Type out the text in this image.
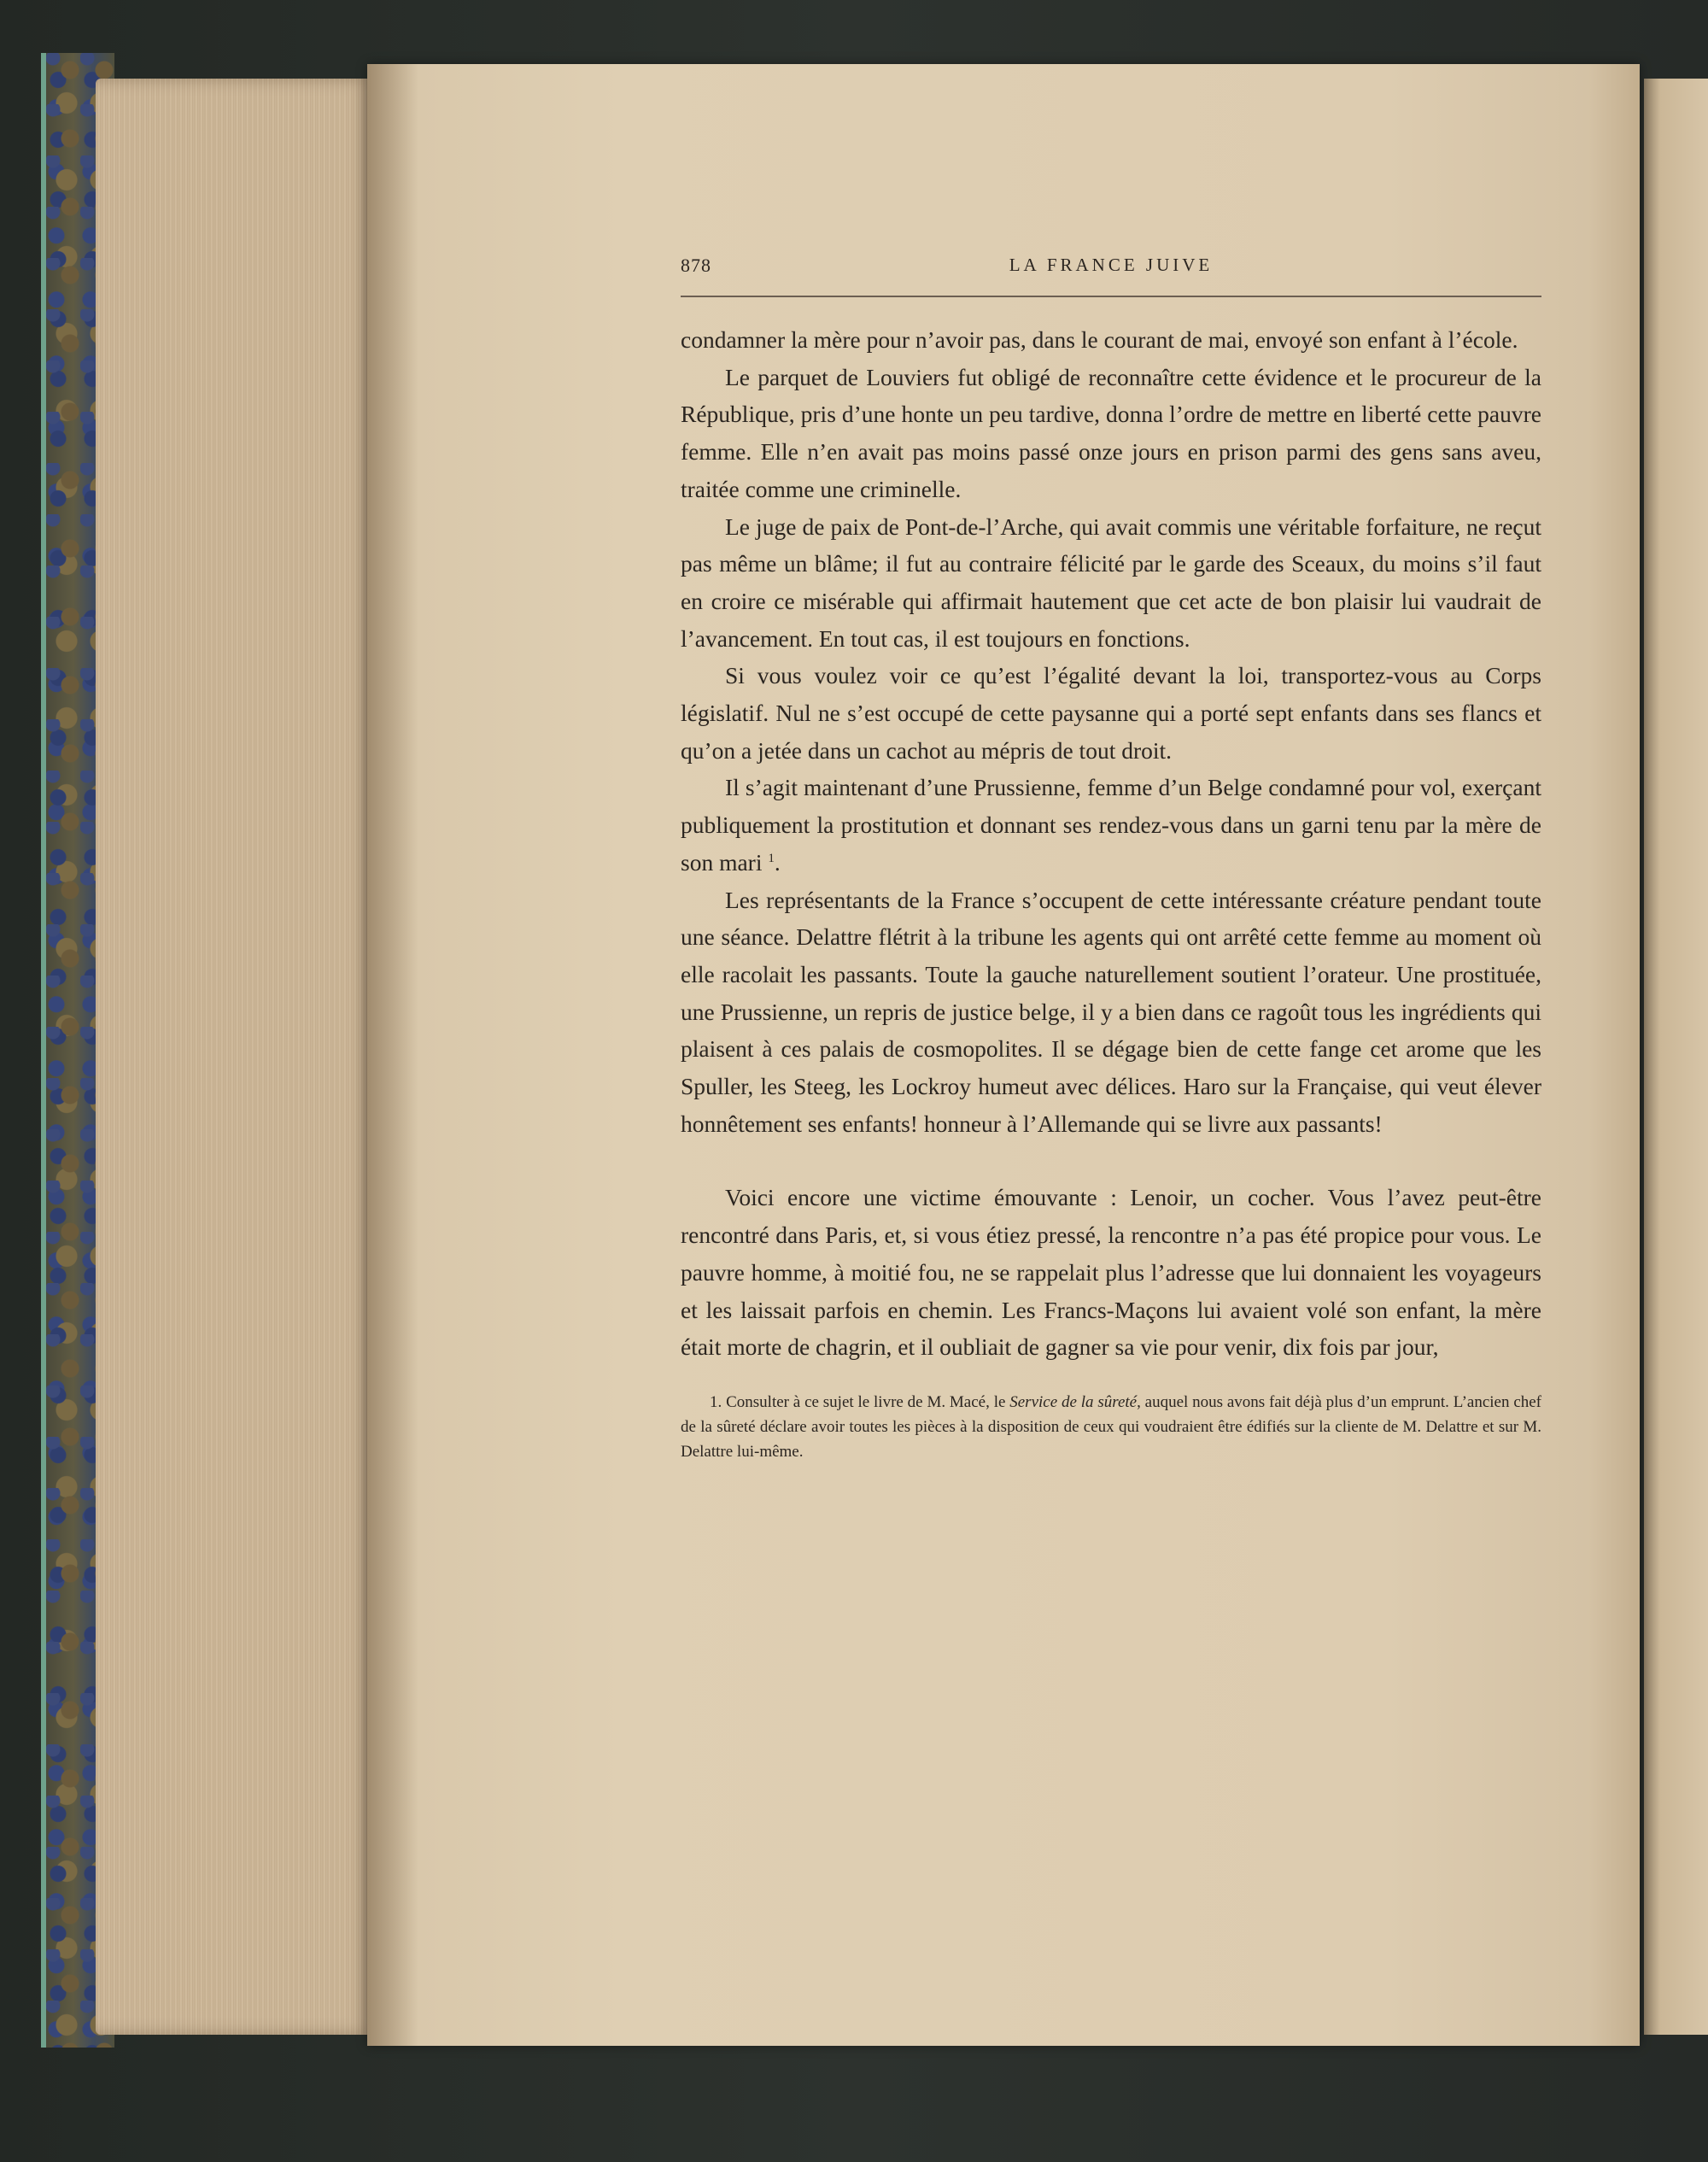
878	LA FRANCE JUIVE

condamner la mère pour n’avoir pas, dans le courant de mai, envoyé son enfant à l’école.

Le parquet de Louviers fut obligé de reconnaître cette évidence et le procureur de la République, pris d’une honte un peu tardive, donna l’ordre de mettre en liberté cette pauvre femme. Elle n’en avait pas moins passé onze jours en prison parmi des gens sans aveu, traitée comme une criminelle.

Le juge de paix de Pont-de-l’Arche, qui avait commis une véritable forfaiture, ne reçut pas même un blâme; il fut au contraire félicité par le garde des Sceaux, du moins s’il faut en croire ce misérable qui affirmait hautement que cet acte de bon plaisir lui vaudrait de l’avancement. En tout cas, il est toujours en fonctions.

Si vous voulez voir ce qu’est l’égalité devant la loi, transportez-vous au Corps législatif. Nul ne s’est occupé de cette paysanne qui a porté sept enfants dans ses flancs et qu’on a jetée dans un cachot au mépris de tout droit.

Il s’agit maintenant d’une Prussienne, femme d’un Belge condamné pour vol, exerçant publiquement la prostitution et donnant ses rendez-vous dans un garni tenu par la mère de son mari $^1$.

Les représentants de la France s’occupent de cette intéressante créature pendant toute une séance. Delattre flétrit à la tribune les agents qui ont arrêté cette femme au moment où elle racolait les passants. Toute la gauche naturellement soutient l’orateur. Une prostituée, une Prussienne, un repris de justice belge, il y a bien dans ce ragoût tous les ingrédients qui plaisent à ces palais de cosmopolites. Il se dégage bien de cette fange cet arome que les Spuller, les Steeg, les Lockroy humeut avec délices. Haro sur la Française, qui veut élever honnêtement ses enfants! honneur à l’Allemande qui se livre aux passants!

Voici encore une victime émouvante : Lenoir, un cocher. Vous l’avez peut-être rencontré dans Paris, et, si vous étiez pressé, la rencontre n’a pas été propice pour vous. Le pauvre homme, à moitié fou, ne se rappelait plus l’adresse que lui donnaient les voyageurs et les laissait parfois en chemin. Les Francs-Maçons lui avaient volé son enfant, la mère était morte de chagrin, et il oubliait de gagner sa vie pour venir, dix fois par jour,

1. Consulter à ce sujet le livre de M. Macé, le Service de la sûreté, auquel nous avons fait déjà plus d’un emprunt. L’ancien chef de la sûreté déclare avoir toutes les pièces à la disposition de ceux qui voudraient être édifiés sur la cliente de M. Delattre et sur M. Delattre lui-même.
